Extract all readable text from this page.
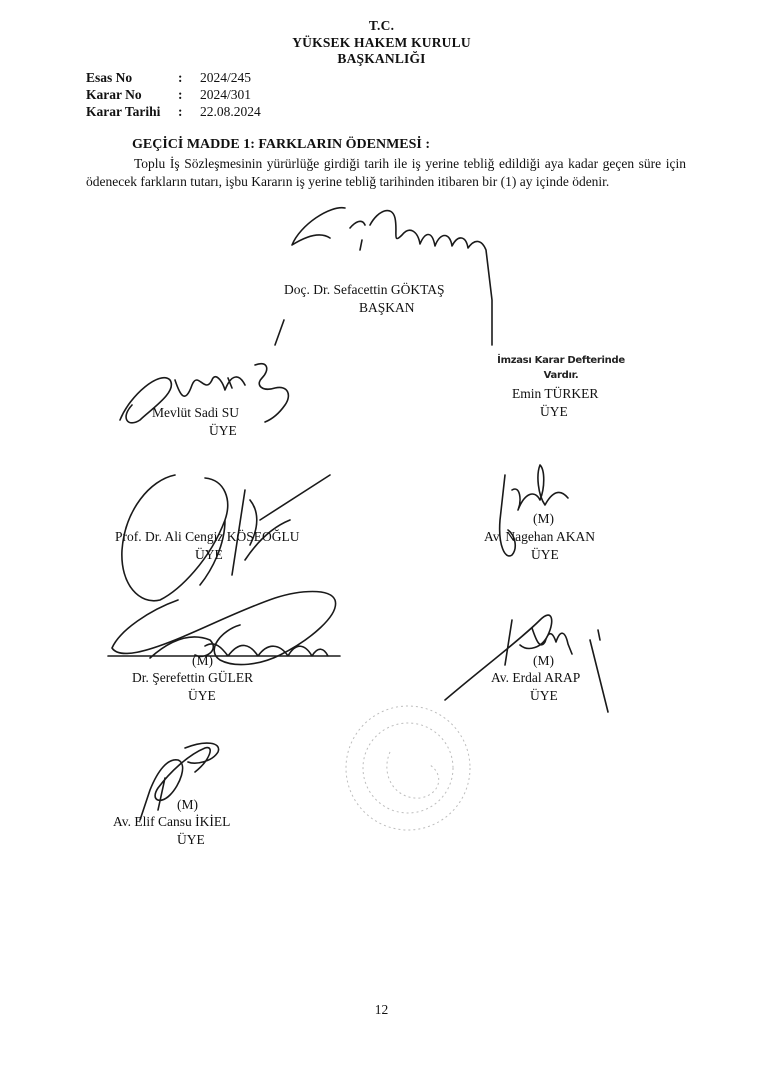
T.C.
YÜKSEK HAKEM KURULU
BAŞKANLIĞI
Esas No	: 2024/245
Karar No	: 2024/301
Karar Tarihi : 22.08.2024
GEÇİCİ MADDE 1: FARKLARIN ÖDENMESİ :
Toplu İş Sözleşmesinin yürürlüğe girdiği tarih ile iş yerine tebliğ edildiği aya kadar geçen süre için ödenecek farkların tutarı, işbu Kararın iş yerine tebliğ tarihinden itibaren bir (1) ay içinde ödenir.
Doç. Dr. Sefacettin GÖKTAŞ
BAŞKAN
İmzası Karar Defterinde
Vardır.
Emin TÜRKER
ÜYE
Mevlüt Sadi SU
ÜYE
Prof. Dr. Ali Cengiz KÖSEOĞLU
ÜYE
(M)
Av. Nagehan AKAN
ÜYE
(M)
Dr. Şerefettin GÜLER
ÜYE
(M)
Av. Erdal ARAP
ÜYE
(M)
Av. Elif Cansu İKİEL
ÜYE
12
